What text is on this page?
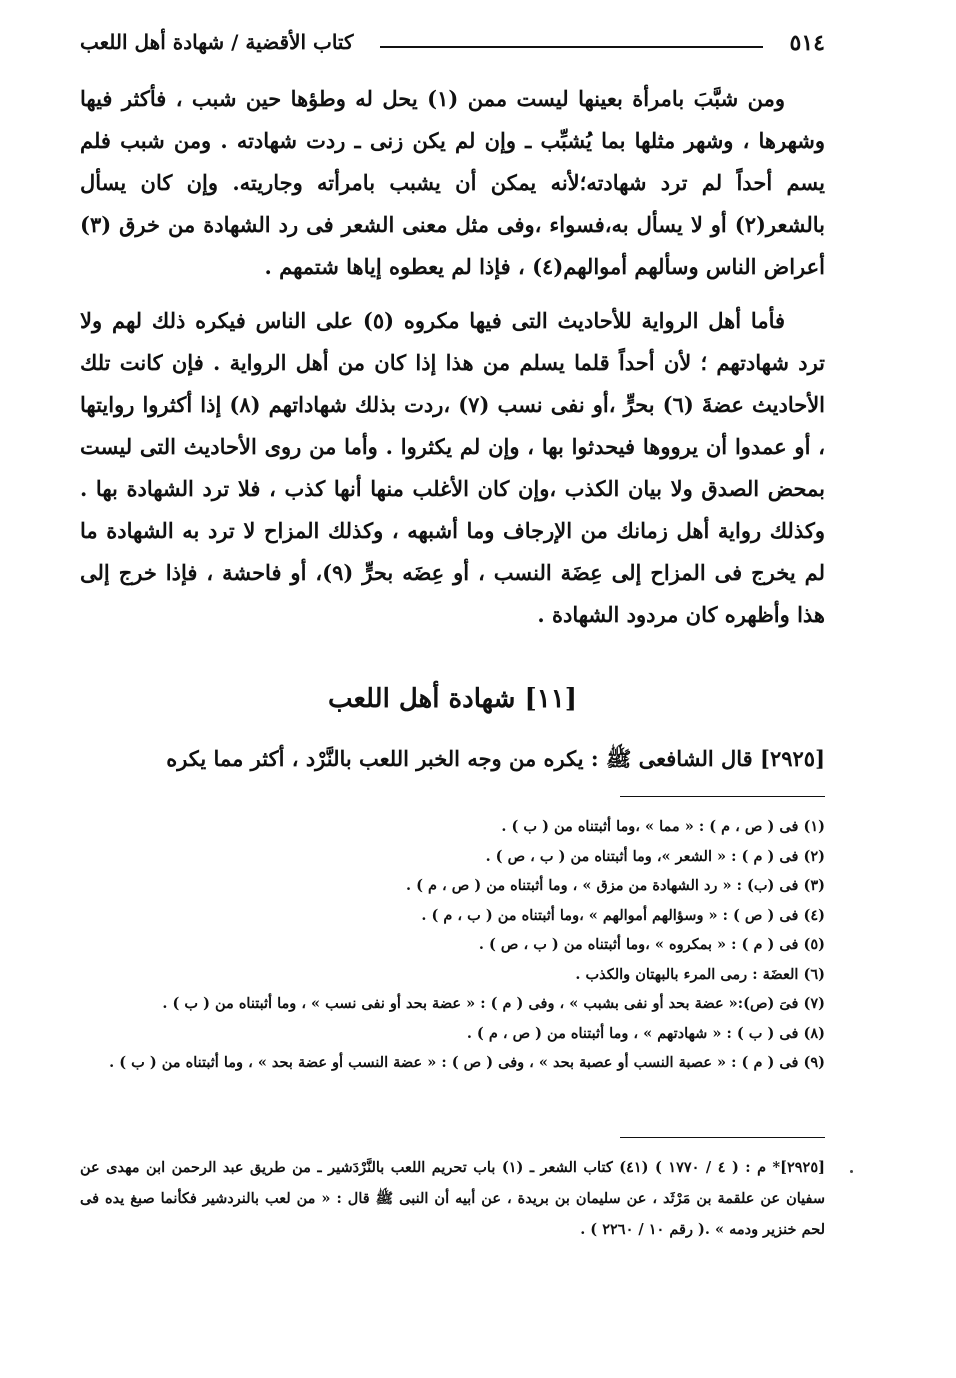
٥١٤
كتاب الأقضية / شهادة أهل اللعب

ومن شبَّبَ بامرأة بعينها ليست ممن (١) يحل له وطؤها حين شبب ، فأكثر فيها وشهرها ، وشهر مثلها بما يُشبِّب ـ وإن لم يكن زنى ـ ردت شهادته . ومن شبب فلم يسم أحداً لم ترد شهادته؛لأنه يمكن أن يشبب بامرأته وجاريته. وإن كان يسأل بالشعر(٢) أو لا يسأل به،فسواء ،وفى مثل معنى الشعر فى رد الشهادة من خرق (٣) أعراض الناس وسألهم أموالهم(٤) ، فإذا لم يعطوه إياها شتمهم .

فأما أهل الرواية للأحاديث التى فيها مكروه (٥) على الناس فيكره ذلك لهم ولا ترد شهادتهم ؛ لأن أحداً قلما يسلم من هذا إذا كان من أهل الرواية . فإن كانت تلك الأحاديث عضةَ (٦) بحرٍّ ،أو نفى نسب (٧) ،ردت بذلك شهاداتهم (٨) إذا أكثروا روايتها ، أو عمدوا أن يرووها فيحدثوا بها ، وإن لم يكثروا . وأما من روى الأحاديث التى ليست بمحض الصدق ولا بيان الكذب ،وإن كان الأغلب منها أنها كذب ، فلا ترد الشهادة بها . وكذلك رواية أهل زمانك من الإرجاف وما أشبهه ، وكذلك المزاح لا ترد به الشهادة ما لم يخرج فى المزاح إلى عِضَة النسب ، أو عِضَه بحرٍّ (٩)، أو فاحشة ، فإذا خرج إلى هذا وأظهره كان مردود الشهادة .

[١١] شهادة أهل اللعب
[٢٩٢٥] قال الشافعى ﷺ : يكره من وجه الخبر اللعب بالنَّرْد ، أكثر مما يكره
(١) فى ( ص ، م ) : « مما » ،وما أثبتناه من ( ب ) .
(٢) فى ( م ) : « الشعر »، وما أثبتناه من ( ب ، ص ) .
(٣) فى (ب) : « رد الشهادة من مزق » ، وما أثبتناه من ( ص ، م ) .
(٤) فى ( ص ) : « وسؤالهم أموالهم » ،وما أثبتناه من ( ب ، م ) .
(٥) فى ( م ) : « بمكروه » ،وما أثبتناه من ( ب ، ص ) .
(٦) العضَة : رمى المرء بالبهتان والكذب .
(٧) فىَ (ص):« عضة بحد أو نفى بشبب » ، وفى ( م ) : « عضة بحد أو نفى نسب » ، وما أثبتناه من ( ب ) .
(٨) فى ( ب ) : « شهادتهم » ، وما أثبتناه من ( ص ، م ) .
(٩) فى ( م ) : « عصبة النسب أو عصبة بحد » ، وفى ( ص ) : « عضة النسب أو عضة بحد » ، وما أثبتناه من ( ب ) .
[٢٩٢٥]* م : ( ٤ / ١٧٧٠ ) (٤١) كتاب الشعر ـ (١) باب تحريم اللعب بالنَّرْدَشير ـ من طريق عبد الرحمن ابن مهدى عن سفيان عن علقمة بن مَرْثَد ، عن سليمان بن بريدة ، عن أبيه أن النبى ﷺ قال : « من لعب بالنردشير فكأنما صبغ يده فى لحم خنزير ودمه » .( رقم ١٠ / ٢٢٦٠ ) .
